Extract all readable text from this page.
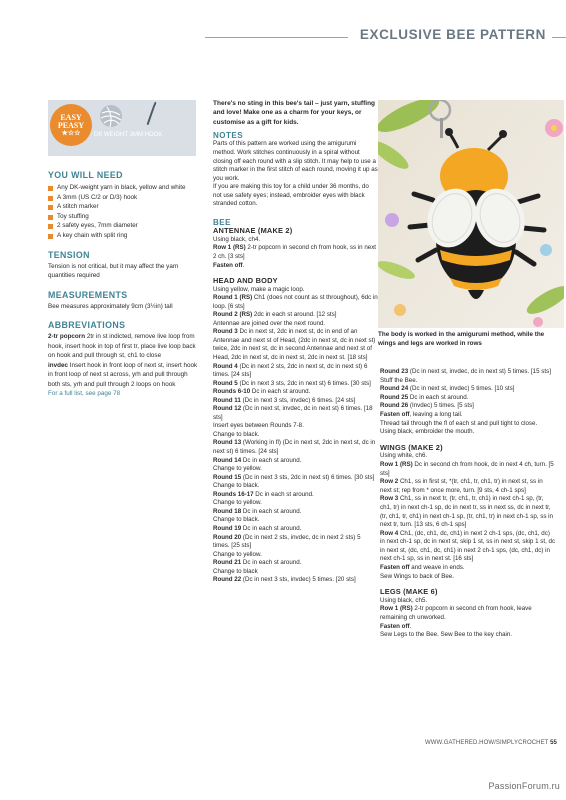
EXCLUSIVE BEE PATTERN
EASY
PEASY
★☆☆	DK WEIGHT 3MM HOOK
YOU WILL NEED
Any DK-weight yarn in black, yellow and white
A 3mm (US C/2 or D/3) hook
A stitch marker
Toy stuffing
2 safety eyes, 7mm diameter
A key chain with split ring
TENSION
Tension is not critical, but it may affect the yarn quantities required
MEASUREMENTS
Bee measures approximately 9cm (3½in) tall
ABBREVIATIONS
2-tr popcorn 2tr in st indicted, remove live loop from hook, insert hook in top of first tr, place live loop back on hook and pull through st, ch1 to close
invdec Insert hook in front loop of next st, insert hook in front loop of next st across, yrh and pull through both sts, yrh and pull through 2 loops on hook
For a full list, see page 78
There's no sting in this bee's tail – just yarn, stuffing and love! Make one as a charm for your keys, or customise as a gift for kids.
NOTES
Parts of this pattern are worked using the amigurumi method. Work stitches continuously in a spiral without closing off each round with a slip stitch. It may help to use a stitch marker in the first stitch of each round, moving it up as you work.
If you are making this toy for a child under 36 months, do not use safety eyes; instead, embroider eyes with black stranded cotton.
BEE
ANTENNAE (MAKE 2)
Using black, ch4.
Row 1 (RS) 2-tr popcorn in second ch from hook, ss in next 2 ch. [3 sts]
Fasten off.
HEAD AND BODY
Using yellow, make a magic loop.
Round 1 (RS) Ch1 (does not count as st throughout), 6dc in loop. [6 sts]
Round 2 (RS) 2dc in each st around. [12 sts]
Antennae are joined over the next round.
Round 3 Dc in next st, 2dc in next st, dc in end of an Antennae and next st of Head, (2dc in next st, dc in next st) twice, 2dc in next st, dc in second Antennae and next st of Head, 2dc in next st, dc in next st, 2dc in next st. [18 sts]
Round 4 (Dc in next 2 sts, 2dc in next st, dc in next st) 6 times. [24 sts]
Round 5 (Dc in next 3 sts, 2dc in next st) 6 times. [30 sts]
Rounds 6-10 Dc in each st around.
Round 11 (Dc in next 3 sts, invdec) 6 times. [24 sts]
Round 12 (Dc in next st, invdec, dc in next st) 6 times. [18 sts]
Insert eyes between Rounds 7-8.
Change to black.
Round 13 (Working in fl) (Dc in next st, 2dc in next st, dc in next st) 6 times. [24 sts]
Round 14 Dc in each st around.
Change to yellow.
Round 15 (Dc in next 3 sts, 2dc in next st) 6 times. [30 sts]
Change to black.
Rounds 16-17 Dc in each st around.
Change to yellow.
Round 18 Dc in each st around.
Change to black.
Round 19 Dc in each st around.
Round 20 (Dc in next 2 sts, invdec, dc in next 2 sts) 5 times. [25 sts]
Change to yellow.
Round 21 Dc in each st around.
Change to black
Round 22 (Dc in next 3 sts, invdec) 5 times. [20 sts]
The body is worked in the amigurumi method, while the wings and legs are worked in rows
Round 23 (Dc in next st, invdec, dc in next st) 5 times. [15 sts]
Stuff the Bee.
Round 24 (Dc in next st, invdec) 5 times. [10 sts]
Round 25 Dc in each st around.
Round 26 (Invdec) 5 times. [5 sts]
Fasten off, leaving a long tail.
Thread tail through the fl of each st and pull tight to close.
Using black, embroider the mouth.
WINGS (MAKE 2)
Using white, ch6.
Row 1 (RS) Dc in second ch from hook, dc in next 4 ch, turn. [5 sts]
Row 2 Ch1, ss in first st, *(tr, ch1, tr, ch1, tr) in next st, ss in next st; rep from * once more, turn. [9 sts, 4 ch-1 sps]
Row 3 Ch1, ss in next tr, (tr, ch1, tr, ch1) in next ch-1 sp, (tr, ch1, tr) in next ch-1 sp, dc in next tr, ss in next ss, dc in next tr, (tr, ch1, tr, ch1) in next ch-1 sp, (tr, ch1, tr) in next ch-1 sp, ss in next tr, turn. [13 sts, 6 ch-1 sps]
Row 4 Ch1, (dc, ch1, dc, ch1) in next 2 ch-1 sps, (dc, ch1, dc) in next ch-1 sp, dc in next st, skip 1 st, ss in next st, skip 1 st, dc in next st, (dc, ch1, dc, ch1) in next 2 ch-1 sps, (dc, ch1, dc) in next ch-1 sp, ss in next st. [16 sts]
Fasten off and weave in ends.
Sew Wings to back of Bee.
LEGS (MAKE 6)
Using black, ch5.
Row 1 (RS) 2-tr popcorn in second ch from hook, leave remaining ch unworked.
Fasten off.
Sew Legs to the Bee. Sew Bee to the key chain.
WWW.GATHERED.HOW/SIMPLYCROCHET 55
PassionForum.ru
